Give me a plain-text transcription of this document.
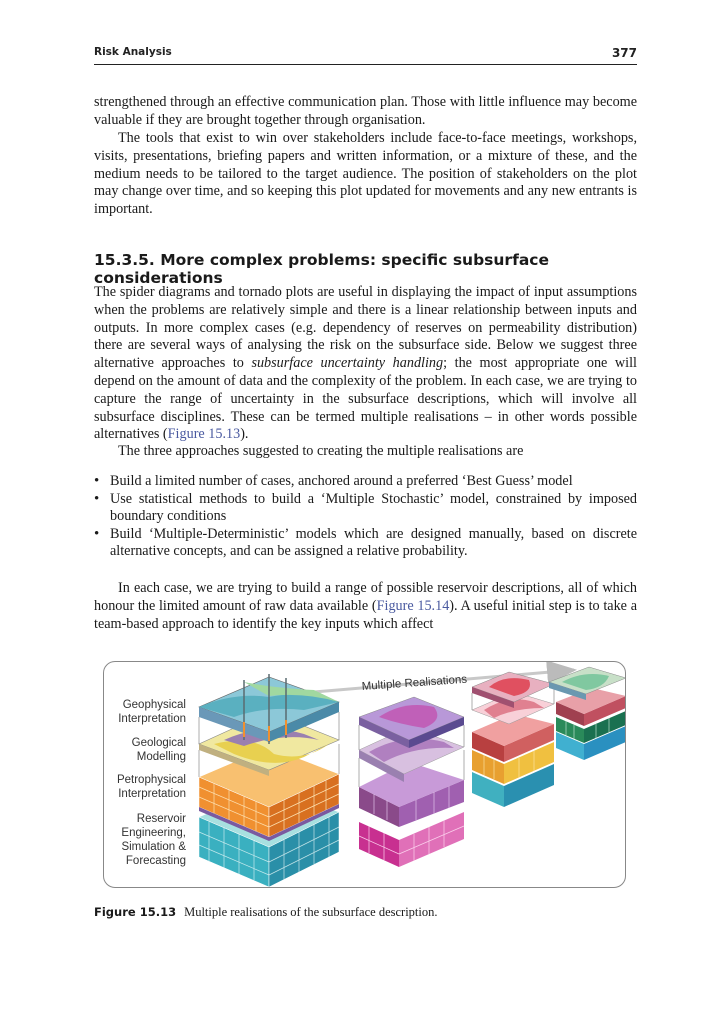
Risk Analysis	377

strengthened through an effective communication plan. Those with little influence may become valuable if they are brought together through organisation.

The tools that exist to win over stakeholders include face-to-face meetings, workshops, visits, presentations, briefing papers and written information, or a mixture of these, and the medium needs to be tailored to the target audience. The position of stakeholders on the plot may change over time, and so keeping this plot updated for movements and any new entrants is important.

15.3.5. More complex problems: specific subsurface considerations

The spider diagrams and tornado plots are useful in displaying the impact of input assumptions when the problems are relatively simple and there is a linear relationship between inputs and outputs. In more complex cases (e.g. dependency of reserves on permeability distribution) there are several ways of analysing the risk on the subsurface side. Below we suggest three alternative approaches to subsurface uncertainty handling; the most appropriate one will depend on the amount of data and the complexity of the problem. In each case, we are trying to capture the range of uncertainty in the subsurface descriptions, which will involve all subsurface disciplines. These can be termed multiple realisations – in other words possible alternatives (Figure 15.13).

The three approaches suggested to creating the multiple realisations are

• Build a limited number of cases, anchored around a preferred ‘Best Guess’ model
• Use statistical methods to build a ‘Multiple Stochastic’ model, constrained by imposed boundary conditions
• Build ‘Multiple-Deterministic’ models which are designed manually, based on discrete alternative concepts, and can be assigned a relative probability.

In each case, we are trying to build a range of possible reservoir descriptions, all of which honour the limited amount of raw data available (Figure 15.14). A useful initial step is to take a team-based approach to identify the key inputs which affect

Multiple Realisations
Geophysical
Interpretation
Geological
Modelling
Petrophysical
Interpretation
Reservoir
Engineering,
Simulation &
Forecasting
Figure 15.13 Multiple realisations of the subsurface description.
